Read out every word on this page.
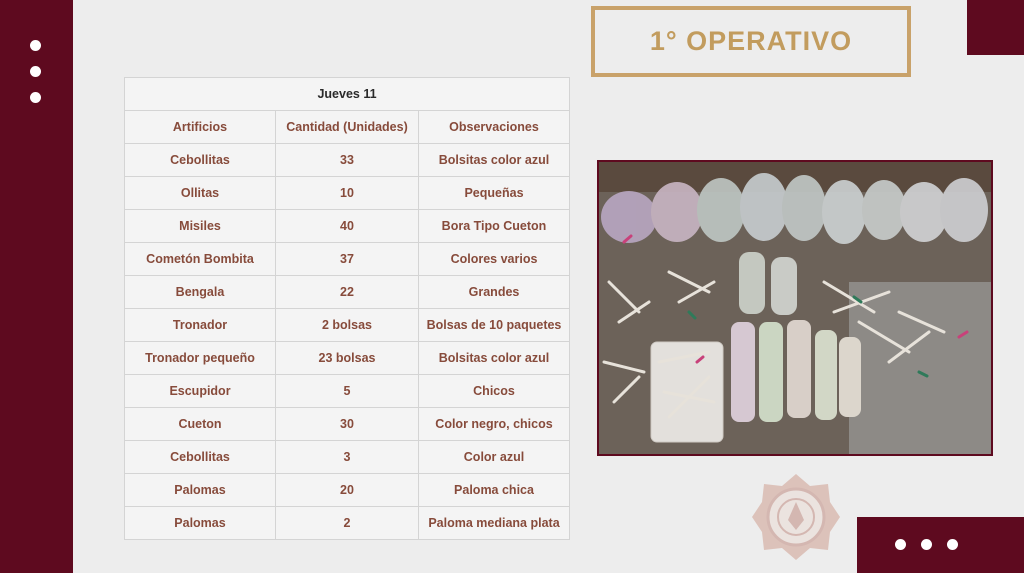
1° OPERATIVO
Jueves 11		
Artificios	Cantidad (Unidades)	Observaciones
Cebollitas	33	Bolsitas color azul
Ollitas	10	Pequeñas
Misiles	40	Bora Tipo Cueton
Cometón Bombita	37	Colores varios
Bengala	22	Grandes
Tronador	2 bolsas	Bolsas de 10 paquetes
Tronador pequeño	23 bolsas	Bolsitas color azul
Escupidor	5	Chicos
Cueton	30	Color negro, chicos
Cebollitas	3	Color azul
Palomas	20	Paloma chica
Palomas	2	Paloma mediana plata
